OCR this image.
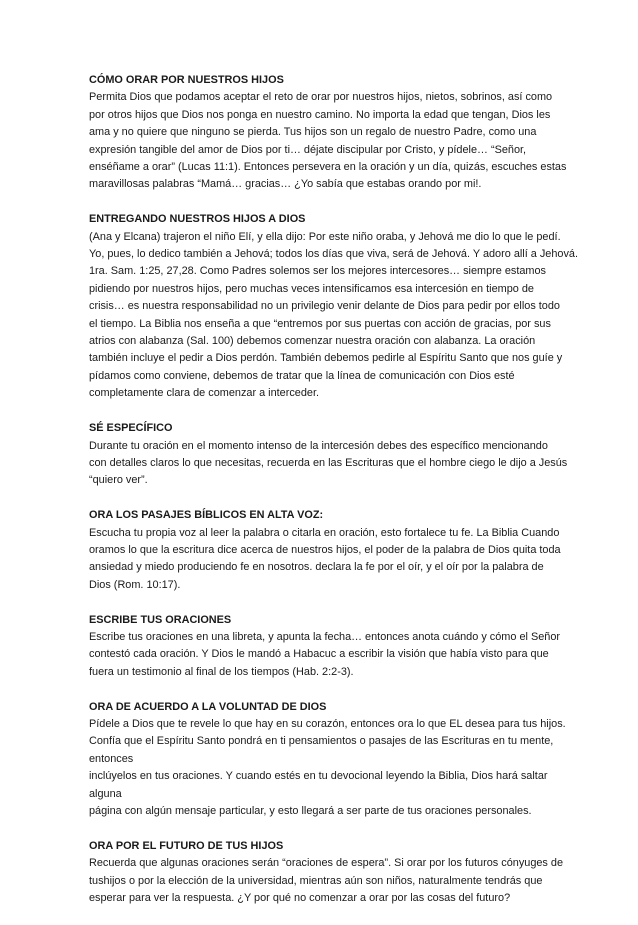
CÓMO ORAR POR NUESTROS HIJOS
Permita Dios que podamos aceptar el reto de orar por nuestros hijos, nietos, sobrinos, así como
por otros hijos que Dios nos ponga en nuestro camino. No importa la edad que tengan, Dios les
ama y no quiere que ninguno se pierda. Tus hijos son un regalo de nuestro Padre, como una
expresión tangible del amor de Dios por ti… déjate discipular por Cristo, y pídele… “Señor,
enséñame a orar” (Lucas 11:1). Entonces persevera en la oración y un día, quizás, escuches estas
maravillosas palabras “Mamá… gracias… ¿Yo sabía que estabas orando por mi!.
ENTREGANDO NUESTROS HIJOS A DIOS
(Ana y Elcana) trajeron el niño Elí, y ella dijo: Por este niño oraba, y Jehová me dio lo que le pedí.
Yo, pues, lo dedico también a Jehová; todos los días que viva, será de Jehová. Y adoro allí a Jehová.
1ra. Sam. 1:25, 27,28. Como Padres solemos ser los mejores intercesores… siempre estamos
pidiendo por nuestros hijos, pero muchas veces intensificamos esa intercesión en tiempo de
crisis… es nuestra responsabilidad no un privilegio venir delante de Dios para pedir por ellos todo
el tiempo. La Biblia nos enseña a que “entremos por sus puertas con acción de gracias, por sus
atrios con alabanza (Sal. 100) debemos comenzar nuestra oración con alabanza. La oración
también incluye el pedir a Dios perdón. También debemos pedirle al Espíritu Santo que nos guíe y
pídamos como conviene, debemos de tratar que la línea de comunicación con Dios esté
completamente clara de comenzar a interceder.
SÉ ESPECÍFICO
Durante tu oración en el momento intenso de la intercesión debes des específico mencionando
con detalles claros lo que necesitas, recuerda en las Escrituras que el hombre ciego le dijo a Jesús
“quiero ver”.
ORA LOS PASAJES BÍBLICOS EN ALTA VOZ:
Escucha tu propia voz al leer la palabra o citarla en oración, esto fortalece tu fe. La Biblia Cuando
oramos lo que la escritura dice acerca de nuestros hijos, el poder de la palabra de Dios quita toda
ansiedad y miedo produciendo fe en nosotros. declara la fe por el oír, y el oír por la palabra de
Dios (Rom. 10:17).
ESCRIBE TUS ORACIONES
Escribe tus oraciones en una libreta, y apunta la fecha… entonces anota cuándo y cómo el Señor
contestó cada oración. Y Dios le mandó a Habacuc a escribir la visión que había visto para que
fuera un testimonio al final de los tiempos (Hab. 2:2-3).
ORA DE ACUERDO A LA VOLUNTAD DE DIOS
Pídele a Dios que te revele lo que hay en su corazón, entonces ora lo que EL desea para tus hijos.
Confía que el Espíritu Santo pondrá en ti pensamientos o pasajes de las Escrituras en tu mente,
entonces
inclúyelos en tus oraciones. Y cuando estés en tu devocional leyendo la Biblia, Dios hará saltar
alguna
página con algún mensaje particular, y esto llegará a ser parte de tus oraciones personales.
ORA POR EL FUTURO DE TUS HIJOS
Recuerda que algunas oraciones serán “oraciones de espera”. Si orar por los futuros cónyuges de
tushijos o por la elección de la universidad, mientras aún son niños, naturalmente tendrás que
esperar para ver la respuesta. ¿Y por qué no comenzar a orar por las cosas del futuro?
